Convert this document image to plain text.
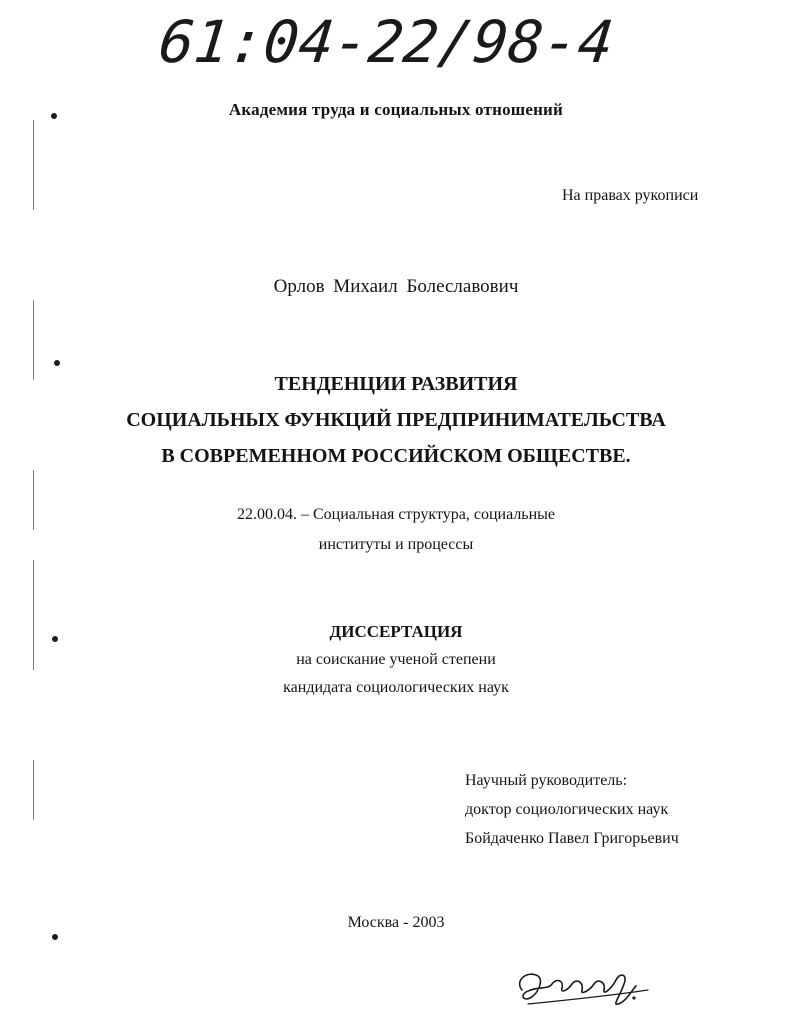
61:04-22/98-4
Академия труда и социальных отношений
На правах рукописи
Орлов Михаил Болеславович
ТЕНДЕНЦИИ РАЗВИТИЯ
СОЦИАЛЬНЫХ ФУНКЦИЙ ПРЕДПРИНИМАТЕЛЬСТВА
В СОВРЕМЕННОМ РОССИЙСКОМ ОБЩЕСТВЕ.
22.00.04. – Социальная структура, социальные
институты и процессы
ДИССЕРТАЦИЯ
на соискание ученой степени
кандидата социологических наук
Научный руководитель:
доктор социологических наук
Бойдаченко Павел Григорьевич
Москва - 2003
